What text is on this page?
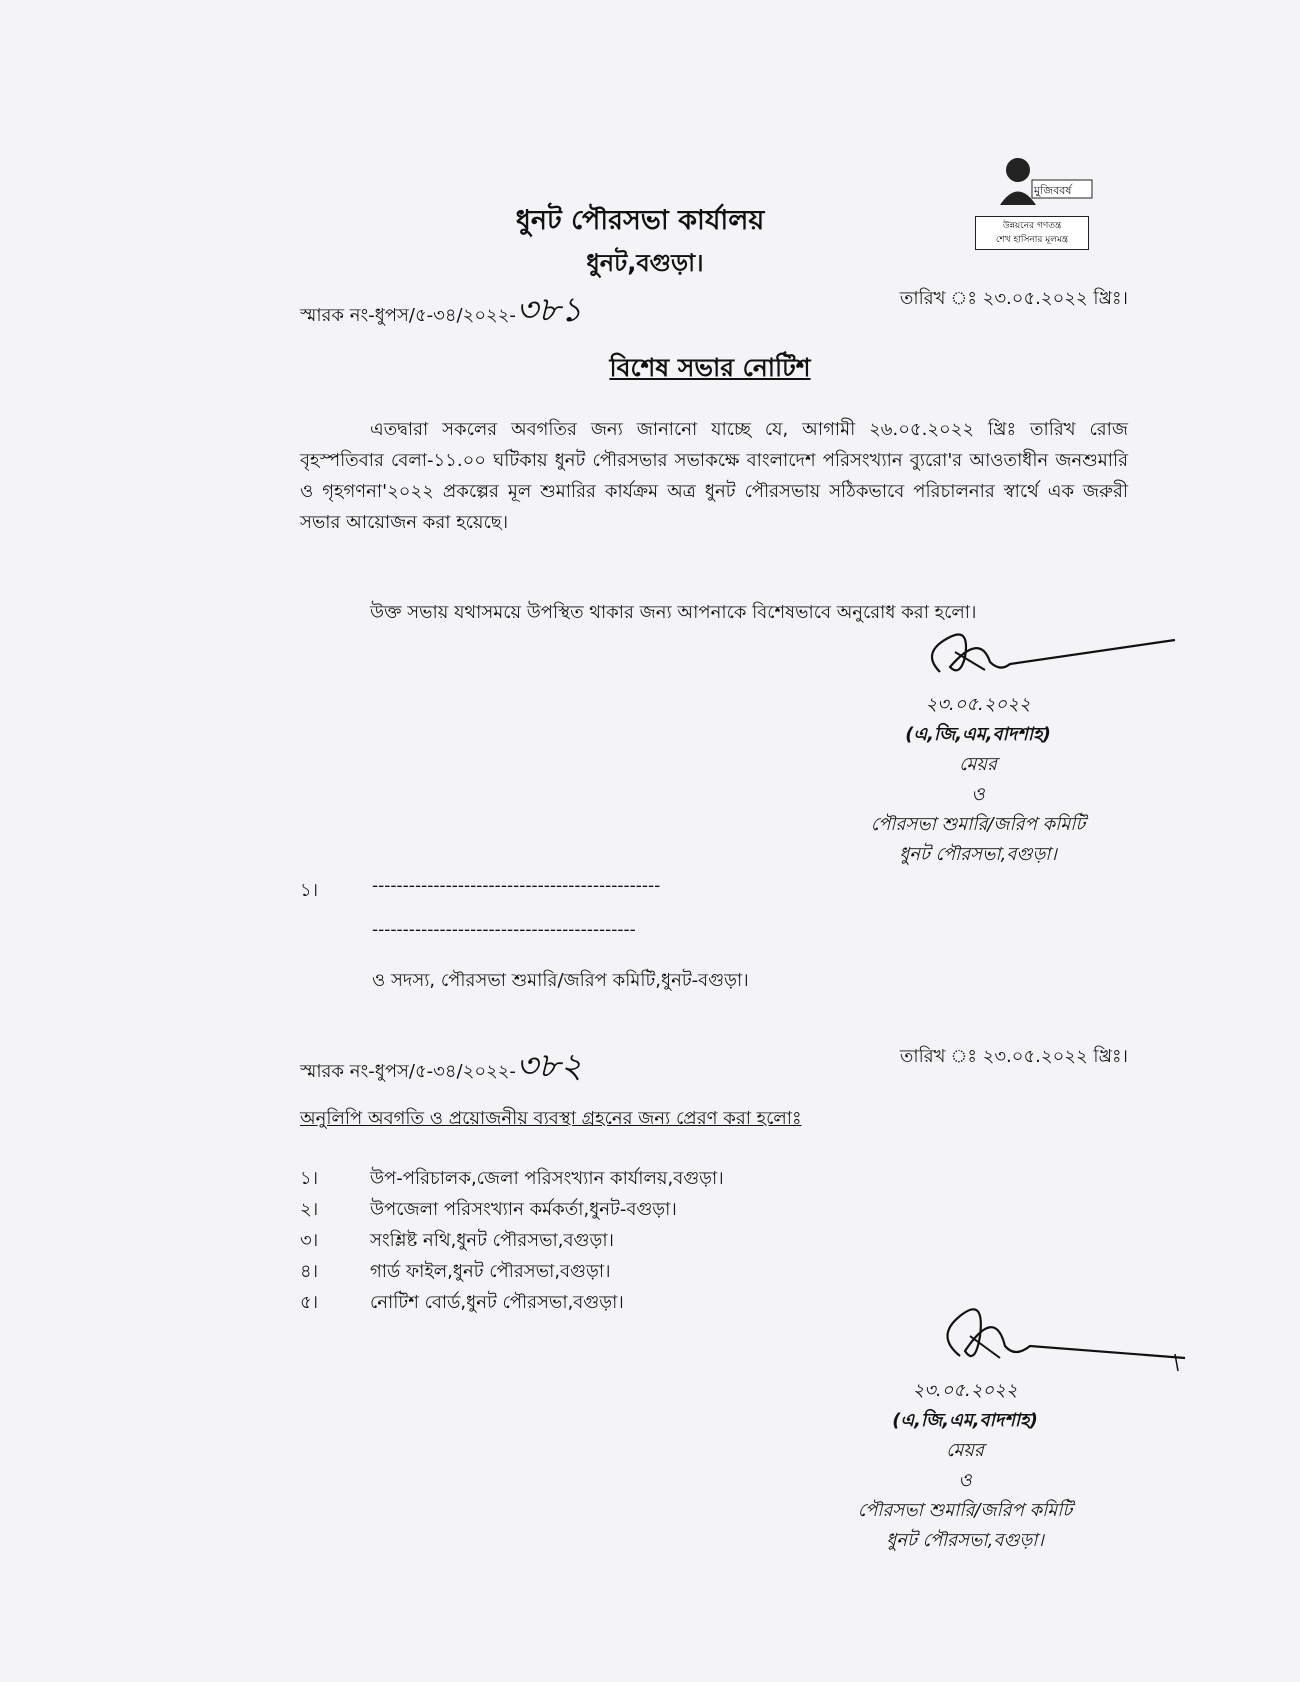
মুজিববর্ষ
উন্নয়নের গণতন্ত্র
শেখ হাসিনার মূলমন্ত্র
ধুনট পৌরসভা কার্যালয়
ধুনট,বগুড়া।
স্মারক নং-ধুপস/৫-৩৪/২০২২-৩৮১	তারিখ ঃ ২৩.০৫.২০২২ খ্রিঃ।
বিশেষ সভার নোটিশ
এতদ্বারা সকলের অবগতির জন্য জানানো যাচ্ছে যে, আগামী ২৬.০৫.২০২২ খ্রিঃ তারিখ রোজ বৃহস্পতিবার বেলা-১১.০০ ঘটিকায় ধুনট পৌরসভার সভাকক্ষে বাংলাদেশ পরিসংখ্যান ব্যুরো'র আওতাধীন জনশুমারি ও গৃহগণনা'২০২২ প্রকল্পের মূল শুমারির কার্যক্রম অত্র ধুনট পৌরসভায় সঠিকভাবে পরিচালনার স্বার্থে এক জরুরী সভার আয়োজন করা হয়েছে।
উক্ত সভায় যথাসময়ে উপস্থিত থাকার জন্য আপনাকে বিশেষভাবে অনুরোধ করা হলো।
২৩.০৫.২০২২
(এ,জি,এম,বাদশাহ)
মেয়র
ও
পৌরসভা শুমারি/জরিপ কমিটি
ধুনট পৌরসভা,বগুড়া।
১।	-----------------------------------------------
-------------------------------------------
ও সদস্য, পৌরসভা শুমারি/জরিপ কমিটি,ধুনট-বগুড়া।
স্মারক নং-ধুপস/৫-৩৪/২০২২-৩৮২	তারিখ ঃ ২৩.০৫.২০২২ খ্রিঃ।
অনুলিপি অবগতি ও প্রয়োজনীয় ব্যবস্থা গ্রহনের জন্য প্রেরণ করা হলোঃ
১।	উপ-পরিচালক,জেলা পরিসংখ্যান কার্যালয়,বগুড়া।
২।	উপজেলা পরিসংখ্যান কর্মকর্তা,ধুনট-বগুড়া।
৩।	সংশ্লিষ্ট নথি,ধুনট পৌরসভা,বগুড়া।
৪।	গার্ড ফাইল,ধুনট পৌরসভা,বগুড়া।
৫।	নোটিশ বোর্ড,ধুনট পৌরসভা,বগুড়া।
২৩.০৫.২০২২
(এ,জি,এম,বাদশাহ)
মেয়র
ও
পৌরসভা শুমারি/জরিপ কমিটি
ধুনট পৌরসভা,বগুড়া।
